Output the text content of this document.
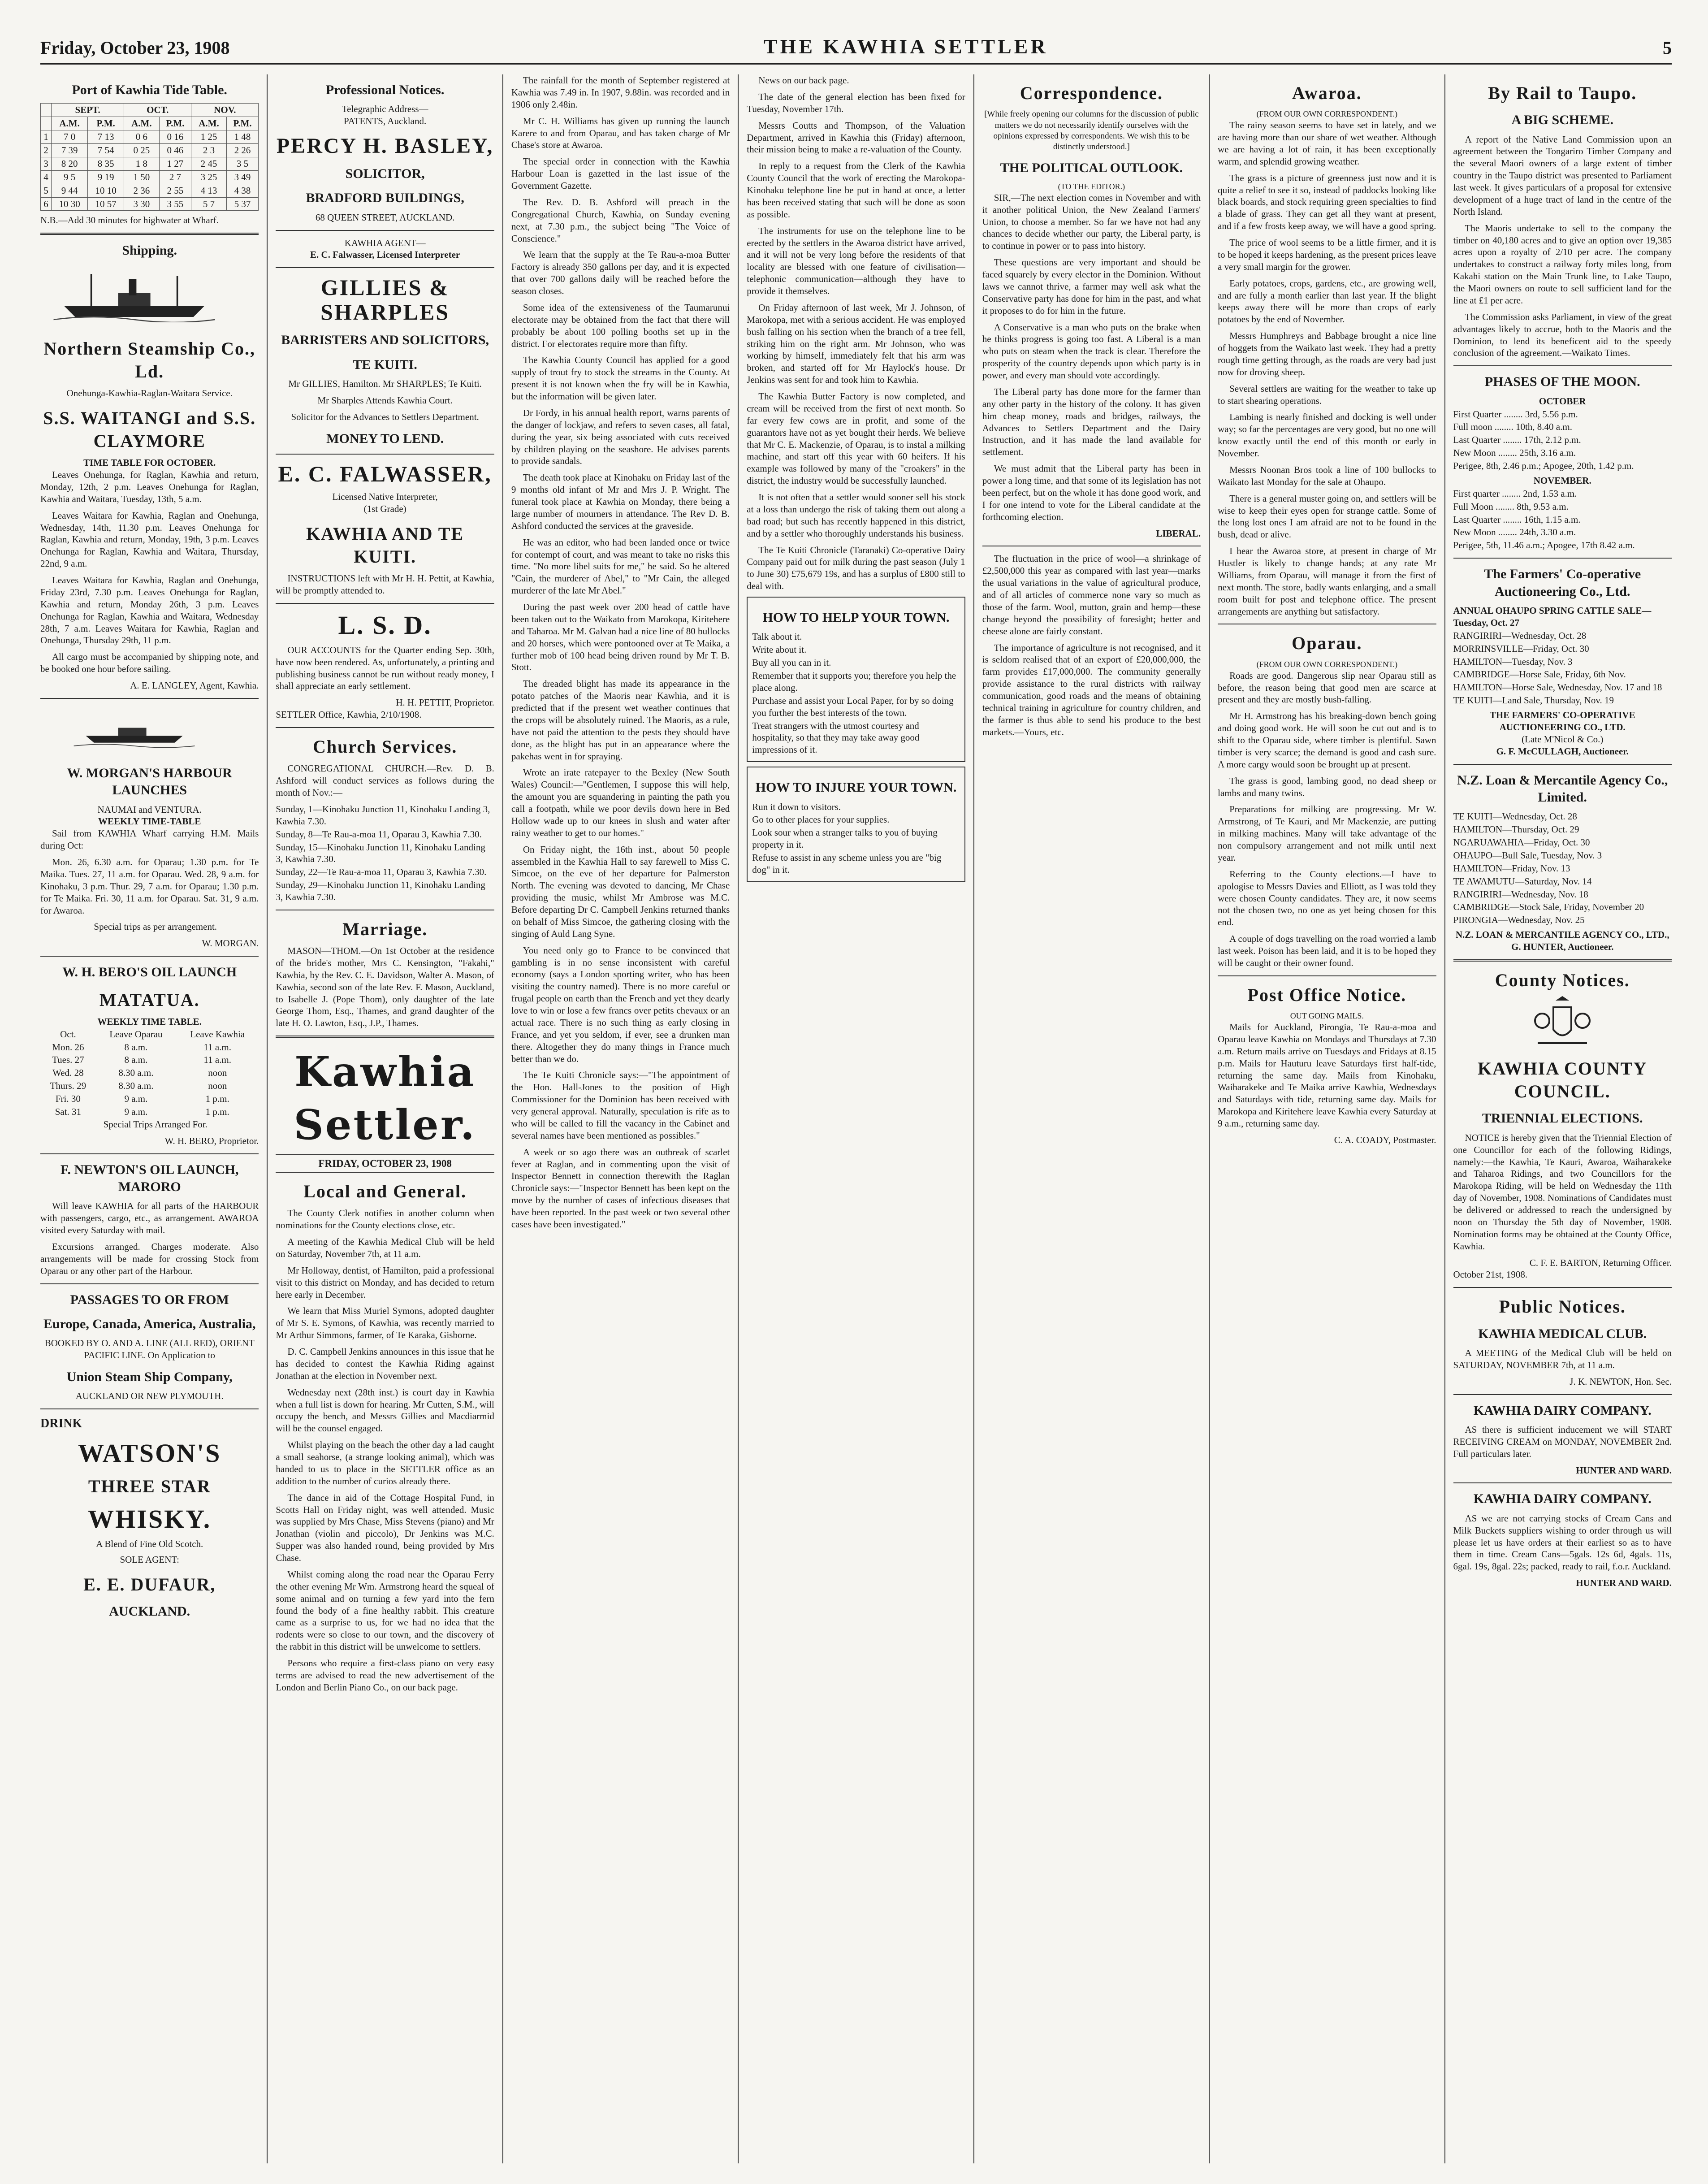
Friday, October 23, 1908	THE KAWHIA SETTLER	5
Port of Kawhia Tide Table.
	SEPT.		OCT.		NOV.	
	A.M.	P.M.	A.M.	P.M.	A.M.	P.M.
1	7 0	7 13	0 6	0 16	1 25	1 48
2	7 39	7 54	0 25	0 46	2 3	2 26
3	8 20	8 35	1 8	1 27	2 45	3 5
4	9 5	9 19	1 50	2 7	3 25	3 49
5	9 44	10 10	2 36	2 55	4 13	4 38
6	10 30	10 57	3 30	3 55	5 7	5 37

N.B.—Add 30 minutes for highwater at Wharf.

Shipping.
Northern Steamship Co., Ld.
Onehunga-Kawhia-Raglan-Waitara Service.
S.S. WAITANGI and S.S. CLAYMORE
TIME TABLE FOR OCTOBER.

Leaves Onehunga, for Raglan, Kawhia and return, Monday, 12th, 2 p.m. Leaves Onehunga for Raglan, Kawhia and Waitara, Tuesday, 13th, 5 a.m.

Leaves Waitara for Kawhia, Raglan and Onehunga, Wednesday, 14th, 11.30 p.m. Leaves Onehunga for Raglan, Kawhia and return, Monday, 19th, 3 p.m. Leaves Onehunga for Raglan, Kawhia and Waitara, Thursday, 22nd, 9 a.m.

Leaves Waitara for Kawhia, Raglan and Onehunga, Friday 23rd, 7.30 p.m. Leaves Onehunga for Raglan, Kawhia and return, Monday 26th, 3 p.m. Leaves Onehunga for Raglan, Kawhia and Waitara, Wednesday 28th, 7 a.m. Leaves Waitara for Kawhia, Raglan and Onehunga, Thursday 29th, 11 p.m.

All cargo must be accompanied by shipping note, and be booked one hour before sailing.

A. E. LANGLEY, Agent, Kawhia.
W. MORGAN'S HARBOUR LAUNCHES
NAUMAI and VENTURA.
WEEKLY TIME-TABLE

Sail from KAWHIA Wharf carrying H.M. Mails during Oct:

Mon. 26, 6.30 a.m. for Oparau; 1.30 p.m. for Te Maika. Tues. 27, 11 a.m. for Oparau. Wed. 28, 9 a.m. for Kinohaku, 3 p.m. Thur. 29, 7 a.m. for Oparau; 1.30 p.m. for Te Maika. Fri. 30, 11 a.m. for Oparau. Sat. 31, 9 a.m. for Awaroa.

Special trips as per arrangement.

W. MORGAN.
W. H. BERO'S OIL LAUNCH
MATATUA.
WEEKLY TIME TABLE.
Oct.	Leave Oparau	Leave Kawhia
Mon. 26	8 a.m.	11 a.m.
Tues. 27	8 a.m.	11 a.m.
Wed. 28	8.30 a.m.	noon
Thurs. 29	8.30 a.m.	noon
Fri. 30	9 a.m.	1 p.m.
Sat. 31	9 a.m.	1 p.m.

Special Trips Arranged For.

W. H. BERO, Proprietor.
F. NEWTON'S OIL LAUNCH, MARORO

Will leave KAWHIA for all parts of the HARBOUR with passengers, cargo, etc., as arrangement. AWAROA visited every Saturday with mail.

Excursions arranged. Charges moderate. Also arrangements will be made for crossing Stock from Oparau or any other part of the Harbour.

PASSAGES TO OR FROM
Europe, Canada, America, Australia,

BOOKED BY O. AND A. LINE (ALL RED), ORIENT PACIFIC LINE. On Application to

Union Steam Ship Company,
AUCKLAND OR NEW PLYMOUTH.
DRINK
WATSON'S
THREE STAR
WHISKY.
A Blend of Fine Old Scotch.
SOLE AGENT:
E. E. DUFAUR,
AUCKLAND.
Professional Notices.
Telegraphic Address—
PATENTS, Auckland.
PERCY H. BASLEY,
SOLICITOR,
BRADFORD BUILDINGS,
68 QUEEN STREET, AUCKLAND.
KAWHIA AGENT—
E. C. Falwasser, Licensed Interpreter
GILLIES & SHARPLES
BARRISTERS AND SOLICITORS,
TE KUITI.

Mr GILLIES, Hamilton. Mr SHARPLES; Te Kuiti.

Mr Sharples Attends Kawhia Court.

Solicitor for the Advances to Settlers Department.

MONEY TO LEND.
E. C. FALWASSER,
Licensed Native Interpreter,
(1st Grade)
KAWHIA AND TE KUITI.

INSTRUCTIONS left with Mr H. H. Pettit, at Kawhia, will be promptly attended to.

L. S. D.

OUR ACCOUNTS for the Quarter ending Sep. 30th, have now been rendered. As, unfortunately, a printing and publishing business cannot be run without ready money, I shall appreciate an early settlement.

H. H. PETTIT, Proprietor.

SETTLER Office, Kawhia, 2/10/1908.

Church Services.

CONGREGATIONAL CHURCH.—Rev. D. B. Ashford will conduct services as follows during the month of Nov.:—

Sunday, 1—Kinohaku Junction 11, Kinohaku Landing 3, Kawhia 7.30.
Sunday, 8—Te Rau-a-moa 11, Oparau 3, Kawhia 7.30.
Sunday, 15—Kinohaku Junction 11, Kinohaku Landing 3, Kawhia 7.30.
Sunday, 22—Te Rau-a-moa 11, Oparau 3, Kawhia 7.30.
Sunday, 29—Kinohaku Junction 11, Kinohaku Landing 3, Kawhia 7.30.
Marriage.

MASON—THOM.—On 1st October at the residence of the bride's mother, Mrs C. Kensington, "Fakahi," Kawhia, by the Rev. C. E. Davidson, Walter A. Mason, of Kawhia, second son of the late Rev. F. Mason, Auckland, to Isabelle J. (Pope Thom), only daughter of the late George Thom, Esq., Thames, and grand daughter of the late H. O. Lawton, Esq., J.P., Thames.

Kawhia Settler.
FRIDAY, OCTOBER 23, 1908
Local and General.

The County Clerk notifies in another column when nominations for the County elections close, etc.

A meeting of the Kawhia Medical Club will be held on Saturday, November 7th, at 11 a.m.

Mr Holloway, dentist, of Hamilton, paid a professional visit to this district on Monday, and has decided to return here early in December.

We learn that Miss Muriel Symons, adopted daughter of Mr S. E. Symons, of Kawhia, was recently married to Mr Arthur Simmons, farmer, of Te Karaka, Gisborne.

D. C. Campbell Jenkins announces in this issue that he has decided to contest the Kawhia Riding against Jonathan at the election in November next.

Wednesday next (28th inst.) is court day in Kawhia when a full list is down for hearing. Mr Cutten, S.M., will occupy the bench, and Messrs Gillies and Macdiarmid will be the counsel engaged.

Whilst playing on the beach the other day a lad caught a small seahorse, (a strange looking animal), which was handed to us to place in the SETTLER office as an addition to the number of curios already there.

The dance in aid of the Cottage Hospital Fund, in Scotts Hall on Friday night, was well attended. Music was supplied by Mrs Chase, Miss Stevens (piano) and Mr Jonathan (violin and piccolo), Dr Jenkins was M.C. Supper was also handed round, being provided by Mrs Chase.

Whilst coming along the road near the Oparau Ferry the other evening Mr Wm. Armstrong heard the squeal of some animal and on turning a few yard into the fern found the body of a fine healthy rabbit. This creature came as a surprise to us, for we had no idea that the rodents were so close to our town, and the discovery of the rabbit in this district will be unwelcome to settlers.

Persons who require a first-class piano on very easy terms are advised to read the new advertisement of the London and Berlin Piano Co., on our back page.

The rainfall for the month of September registered at Kawhia was 7.49 in. In 1907, 9.88in. was recorded and in 1906 only 2.48in.

Mr C. H. Williams has given up running the launch Karere to and from Oparau, and has taken charge of Mr Chase's store at Awaroa.

The special order in connection with the Kawhia Harbour Loan is gazetted in the last issue of the Government Gazette.

The Rev. D. B. Ashford will preach in the Congregational Church, Kawhia, on Sunday evening next, at 7.30 p.m., the subject being "The Voice of Conscience."

We learn that the supply at the Te Rau-a-moa Butter Factory is already 350 gallons per day, and it is expected that over 700 gallons daily will be reached before the season closes.

Some idea of the extensiveness of the Taumarunui electorate may be obtained from the fact that there will probably be about 100 polling booths set up in the district. For electorates require more than fifty.

The Kawhia County Council has applied for a good supply of trout fry to stock the streams in the County. At present it is not known when the fry will be in Kawhia, but the information will be given later.

Dr Fordy, in his annual health report, warns parents of the danger of lockjaw, and refers to seven cases, all fatal, during the year, six being associated with cuts received by children playing on the seashore. He advises parents to provide sandals.

The death took place at Kinohaku on Friday last of the 9 months old infant of Mr and Mrs J. P. Wright. The funeral took place at Kawhia on Monday, there being a large number of mourners in attendance. The Rev D. B. Ashford conducted the services at the graveside.

He was an editor, who had been landed once or twice for contempt of court, and was meant to take no risks this time. "No more libel suits for me," he said. So he altered "Cain, the murderer of Abel," to "Mr Cain, the alleged murderer of the late Mr Abel."

During the past week over 200 head of cattle have been taken out to the Waikato from Marokopa, Kiritehere and Taharoa. Mr M. Galvan had a nice line of 80 bullocks and 20 horses, which were pontooned over at Te Maika, a further mob of 100 head being driven round by Mr T. B. Stott.

The dreaded blight has made its appearance in the potato patches of the Maoris near Kawhia, and it is predicted that if the present wet weather continues that the crops will be absolutely ruined. The Maoris, as a rule, have not paid the attention to the pests they should have done, as the blight has put in an appearance where the pakehas went in for spraying.

Wrote an irate ratepayer to the Bexley (New South Wales) Council:—"Gentlemen, I suppose this will help, the amount you are squandering in painting the path you call a footpath, while we poor devils down here in Bed Hollow wade up to our knees in slush and water after rainy weather to get to our homes."

On Friday night, the 16th inst., about 50 people assembled in the Kawhia Hall to say farewell to Miss C. Simcoe, on the eve of her departure for Palmerston North. The evening was devoted to dancing, Mr Chase providing the music, whilst Mr Ambrose was M.C. Before departing Dr C. Campbell Jenkins returned thanks on behalf of Miss Simcoe, the gathering closing with the singing of Auld Lang Syne.

You need only go to France to be convinced that gambling is in no sense inconsistent with careful economy (says a London sporting writer, who has been visiting the country named). There is no more careful or frugal people on earth than the French and yet they dearly love to win or lose a few francs over petits chevaux or an actual race. There is no such thing as early closing in France, and yet you seldom, if ever, see a drunken man there. Altogether they do many things in France much better than we do.

The Te Kuiti Chronicle says:—"The appointment of the Hon. Hall-Jones to the position of High Commissioner for the Dominion has been received with very general approval. Naturally, speculation is rife as to who will be called to fill the vacancy in the Cabinet and several names have been mentioned as possibles."

A week or so ago there was an outbreak of scarlet fever at Raglan, and in commenting upon the visit of Inspector Bennett in connection therewith the Raglan Chronicle says:—"Inspector Bennett has been kept on the move by the number of cases of infectious diseases that have been reported. In the past week or two several other cases have been investigated."

News on our back page.

The date of the general election has been fixed for Tuesday, November 17th.

Messrs Coutts and Thompson, of the Valuation Department, arrived in Kawhia this (Friday) afternoon, their mission being to make a re-valuation of the County.

In reply to a request from the Clerk of the Kawhia County Council that the work of erecting the Marokopa-Kinohaku telephone line be put in hand at once, a letter has been received stating that such will be done as soon as possible.

The instruments for use on the telephone line to be erected by the settlers in the Awaroa district have arrived, and it will not be very long before the residents of that locality are blessed with one feature of civilisation—telephonic communication—although they have to provide it themselves.

On Friday afternoon of last week, Mr J. Johnson, of Marokopa, met with a serious accident. He was employed bush falling on his section when the branch of a tree fell, striking him on the right arm. Mr Johnson, who was working by himself, immediately felt that his arm was broken, and started off for Mr Haylock's house. Dr Jenkins was sent for and took him to Kawhia.

The Kawhia Butter Factory is now completed, and cream will be received from the first of next month. So far every few cows are in profit, and some of the guarantors have not as yet bought their herds. We believe that Mr C. E. Mackenzie, of Oparau, is to instal a milking machine, and start off this year with 60 heifers. If his example was followed by many of the "croakers" in the district, the industry would be successfully launched.

It is not often that a settler would sooner sell his stock at a loss than undergo the risk of taking them out along a bad road; but such has recently happened in this district, and by a settler who thoroughly understands his business.

The Te Kuiti Chronicle (Taranaki) Co-operative Dairy Company paid out for milk during the past season (July 1 to June 30) £75,679 19s, and has a surplus of £800 still to deal with.

HOW TO HELP YOUR TOWN.
Talk about it.
Write about it.
Buy all you can in it.
Remember that it supports you; therefore you help the place along.
Purchase and assist your Local Paper, for by so doing you further the best interests of the town.
Treat strangers with the utmost courtesy and hospitality, so that they may take away good impressions of it.
HOW TO INJURE YOUR TOWN.
Run it down to visitors.
Go to other places for your supplies.
Look sour when a stranger talks to you of buying property in it.
Refuse to assist in any scheme unless you are "big dog" in it.
Correspondence.

[While freely opening our columns for the discussion of public matters we do not necessarily identify ourselves with the opinions expressed by correspondents. We wish this to be distinctly understood.]

THE POLITICAL OUTLOOK.
(TO THE EDITOR.)

SIR,—The next election comes in November and with it another political Union, the New Zealand Farmers' Union, to choose a member. So far we have not had any chances to decide whether our party, the Liberal party, is to continue in power or to pass into history.

These questions are very important and should be faced squarely by every elector in the Dominion. Without laws we cannot thrive, a farmer may well ask what the Conservative party has done for him in the past, and what it proposes to do for him in the future.

A Conservative is a man who puts on the brake when he thinks progress is going too fast. A Liberal is a man who puts on steam when the track is clear. Therefore the prosperity of the country depends upon which party is in power, and every man should vote accordingly.

The Liberal party has done more for the farmer than any other party in the history of the colony. It has given him cheap money, roads and bridges, railways, the Advances to Settlers Department and the Dairy Instruction, and it has made the land available for settlement.

We must admit that the Liberal party has been in power a long time, and that some of its legislation has not been perfect, but on the whole it has done good work, and I for one intend to vote for the Liberal candidate at the forthcoming election.

LIBERAL.

The fluctuation in the price of wool—a shrinkage of £2,500,000 this year as compared with last year—marks the usual variations in the value of agricultural produce, and of all articles of commerce none vary so much as those of the farm. Wool, mutton, grain and hemp—these change beyond the possibility of foresight; better and cheese alone are fairly constant.

The importance of agriculture is not recognised, and it is seldom realised that of an export of £20,000,000, the farm provides £17,000,000. The community generally provide assistance to the rural districts with railway communication, good roads and the means of obtaining technical training in agriculture for country children, and the farmer is thus able to send his produce to the best markets.—Yours, etc.

Awaroa.
(FROM OUR OWN CORRESPONDENT.)

The rainy season seems to have set in lately, and we are having more than our share of wet weather. Although we are having a lot of rain, it has been exceptionally warm, and splendid growing weather.

The grass is a picture of greenness just now and it is quite a relief to see it so, instead of paddocks looking like black boards, and stock requiring green specialties to find a blade of grass. They can get all they want at present, and if a few frosts keep away, we will have a good spring.

The price of wool seems to be a little firmer, and it is to be hoped it keeps hardening, as the present prices leave a very small margin for the grower.

Early potatoes, crops, gardens, etc., are growing well, and are fully a month earlier than last year. If the blight keeps away there will be more than crops of early potatoes by the end of November.

Messrs Humphreys and Babbage brought a nice line of hoggets from the Waikato last week. They had a pretty rough time getting through, as the roads are very bad just now for droving sheep.

Several settlers are waiting for the weather to take up to start shearing operations.

Lambing is nearly finished and docking is well under way; so far the percentages are very good, but no one will know exactly until the end of this month or early in November.

Messrs Noonan Bros took a line of 100 bullocks to Waikato last Monday for the sale at Ohaupo.

There is a general muster going on, and settlers will be wise to keep their eyes open for strange cattle. Some of the long lost ones I am afraid are not to be found in the bush, dead or alive.

I hear the Awaroa store, at present in charge of Mr Hustler is likely to change hands; at any rate Mr Williams, from Oparau, will manage it from the first of next month. The store, badly wants enlarging, and a small room built for post and telephone office. The present arrangements are anything but satisfactory.

Oparau.
(FROM OUR OWN CORRESPONDENT.)

Roads are good. Dangerous slip near Oparau still as before, the reason being that good men are scarce at present and they are mostly bush-falling.

Mr H. Armstrong has his breaking-down bench going and doing good work. He will soon be cut out and is to shift to the Oparau side, where timber is plentiful. Sawn timber is very scarce; the demand is good and cash sure. A more cargy would soon be brought up at present.

The grass is good, lambing good, no dead sheep or lambs and many twins.

Preparations for milking are progressing. Mr W. Armstrong, of Te Kauri, and Mr Mackenzie, are putting in milking machines. Many will take advantage of the non compulsory arrangement and not milk until next year.

Referring to the County elections.—I have to apologise to Messrs Davies and Elliott, as I was told they were chosen County candidates. They are, it now seems not the chosen two, no one as yet being chosen for this end.

A couple of dogs travelling on the road worried a lamb last week. Poison has been laid, and it is to be hoped they will be caught or their owner found.

Post Office Notice.
OUT GOING MAILS.

Mails for Auckland, Pirongia, Te Rau-a-moa and Oparau leave Kawhia on Mondays and Thursdays at 7.30 a.m. Return mails arrive on Tuesdays and Fridays at 8.15 p.m. Mails for Hauturu leave Saturdays first half-tide, returning the same day. Mails from Kinohaku, Waiharakeke and Te Maika arrive Kawhia, Wednesdays and Saturdays with tide, returning same day. Mails for Marokopa and Kiritehere leave Kawhia every Saturday at 9 a.m., returning same day.

C. A. COADY, Postmaster.
By Rail to Taupo.
A BIG SCHEME.

A report of the Native Land Commission upon an agreement between the Tongariro Timber Company and the several Maori owners of a large extent of timber country in the Taupo district was presented to Parliament last week. It gives particulars of a proposal for extensive development of a huge tract of land in the centre of the North Island.

The Maoris undertake to sell to the company the timber on 40,180 acres and to give an option over 19,385 acres upon a royalty of 2/10 per acre. The company undertakes to construct a railway forty miles long, from Kakahi station on the Main Trunk line, to Lake Taupo, the Maori owners on route to sell sufficient land for the line at £1 per acre.

The Commission asks Parliament, in view of the great advantages likely to accrue, both to the Maoris and the Dominion, to lend its beneficent aid to the speedy conclusion of the agreement.—Waikato Times.

PHASES OF THE MOON.
OCTOBER
First Quarter ........ 3rd, 5.56 p.m.
Full moon ........ 10th, 8.40 a.m.
Last Quarter ........ 17th, 2.12 p.m.
New Moon ........ 25th, 3.16 a.m.
Perigee, 8th, 2.46 p.m.; Apogee, 20th, 1.42 p.m.
NOVEMBER.
First quarter ........ 2nd, 1.53 a.m.
Full Moon ........ 8th, 9.53 a.m.
Last Quarter ........ 16th, 1.15 a.m.
New Moon ........ 24th, 3.30 a.m.
Perigee, 5th, 11.46 a.m.; Apogee, 17th 8.42 a.m.
The Farmers' Co-operative Auctioneering Co., Ltd.
ANNUAL OHAUPO SPRING CATTLE SALE—Tuesday, Oct. 27
RANGIRIRI—Wednesday, Oct. 28
MORRINSVILLE—Friday, Oct. 30
HAMILTON—Tuesday, Nov. 3
CAMBRIDGE—Horse Sale, Friday, 6th Nov.
HAMILTON—Horse Sale, Wednesday, Nov. 17 and 18
TE KUITI—Land Sale, Thursday, Nov. 19
THE FARMERS' CO-OPERATIVE AUCTIONEERING CO., LTD.
(Late M'Nicol & Co.)
G. F. McCULLAGH, Auctioneer.
N.Z. Loan & Mercantile Agency Co., Limited.
TE KUITI—Wednesday, Oct. 28
HAMILTON—Thursday, Oct. 29
NGARUAWAHIA—Friday, Oct. 30
OHAUPO—Bull Sale, Tuesday, Nov. 3
HAMILTON—Friday, Nov. 13
TE AWAMUTU—Saturday, Nov. 14
RANGIRIRI—Wednesday, Nov. 18
CAMBRIDGE—Stock Sale, Friday, November 20
PIRONGIA—Wednesday, Nov. 25
N.Z. LOAN & MERCANTILE AGENCY CO., LTD.,
G. HUNTER, Auctioneer.
County Notices.
KAWHIA COUNTY COUNCIL.
TRIENNIAL ELECTIONS.

NOTICE is hereby given that the Triennial Election of one Councillor for each of the following Ridings, namely:—the Kawhia, Te Kauri, Awaroa, Waiharakeke and Taharoa Ridings, and two Councillors for the Marokopa Riding, will be held on Wednesday the 11th day of November, 1908. Nominations of Candidates must be delivered or addressed to reach the undersigned by noon on Thursday the 5th day of November, 1908. Nomination forms may be obtained at the County Office, Kawhia.

C. F. E. BARTON, Returning Officer.
October 21st, 1908.
Public Notices.
KAWHIA MEDICAL CLUB.

A MEETING of the Medical Club will be held on SATURDAY, NOVEMBER 7th, at 11 a.m.

J. K. NEWTON, Hon. Sec.
KAWHIA DAIRY COMPANY.

AS there is sufficient inducement we will START RECEIVING CREAM on MONDAY, NOVEMBER 2nd. Full particulars later.

HUNTER AND WARD.
KAWHIA DAIRY COMPANY.

AS we are not carrying stocks of Cream Cans and Milk Buckets suppliers wishing to order through us will please let us have orders at their earliest so as to have them in time. Cream Cans—5gals. 12s 6d, 4gals. 11s, 6gal. 19s, 8gal. 22s; packed, ready to rail, f.o.r. Auckland.

HUNTER AND WARD.
